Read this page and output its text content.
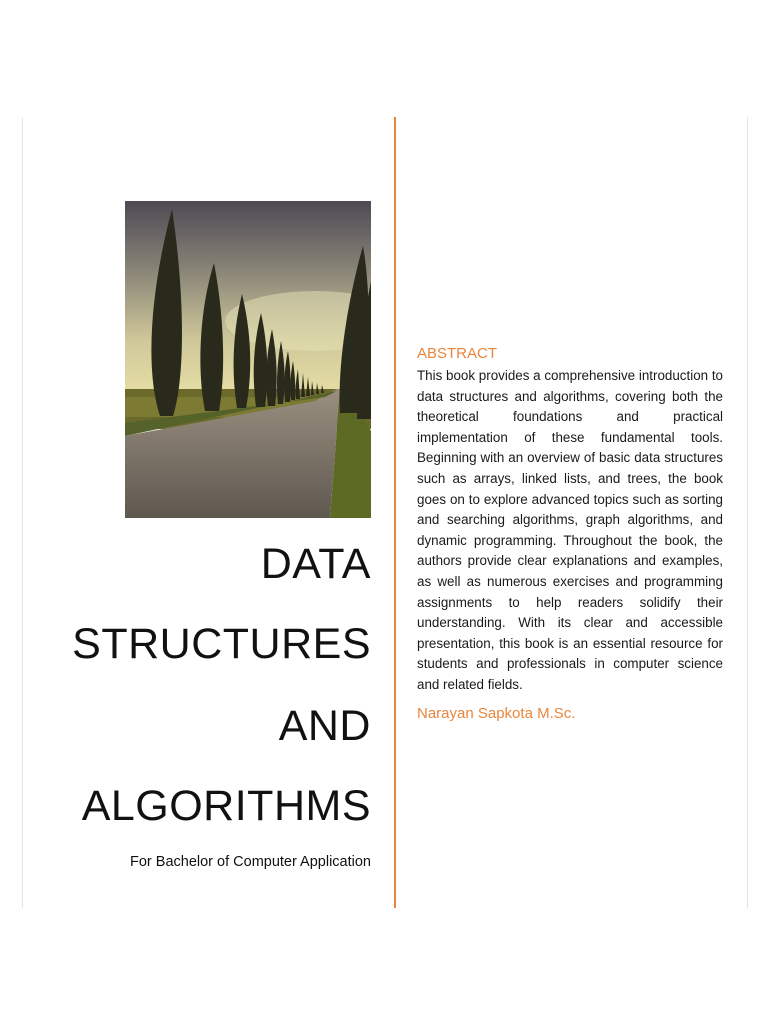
DATA
STRUCTURES
AND
ALGORITHMS
For Bachelor of Computer Application
ABSTRACT
This book provides a comprehensive introduction to data structures and algorithms, covering both the theoretical foundations and practical implementation of these fundamental tools. Beginning with an overview of basic data structures such as arrays, linked lists, and trees, the book goes on to explore advanced topics such as sorting and searching algorithms, graph algorithms, and dynamic programming. Throughout the book, the authors provide clear explanations and examples, as well as numerous exercises and programming assignments to help readers solidify their understanding. With its clear and accessible presentation, this book is an essential resource for students and professionals in computer science and related fields.
Narayan Sapkota M.Sc.
